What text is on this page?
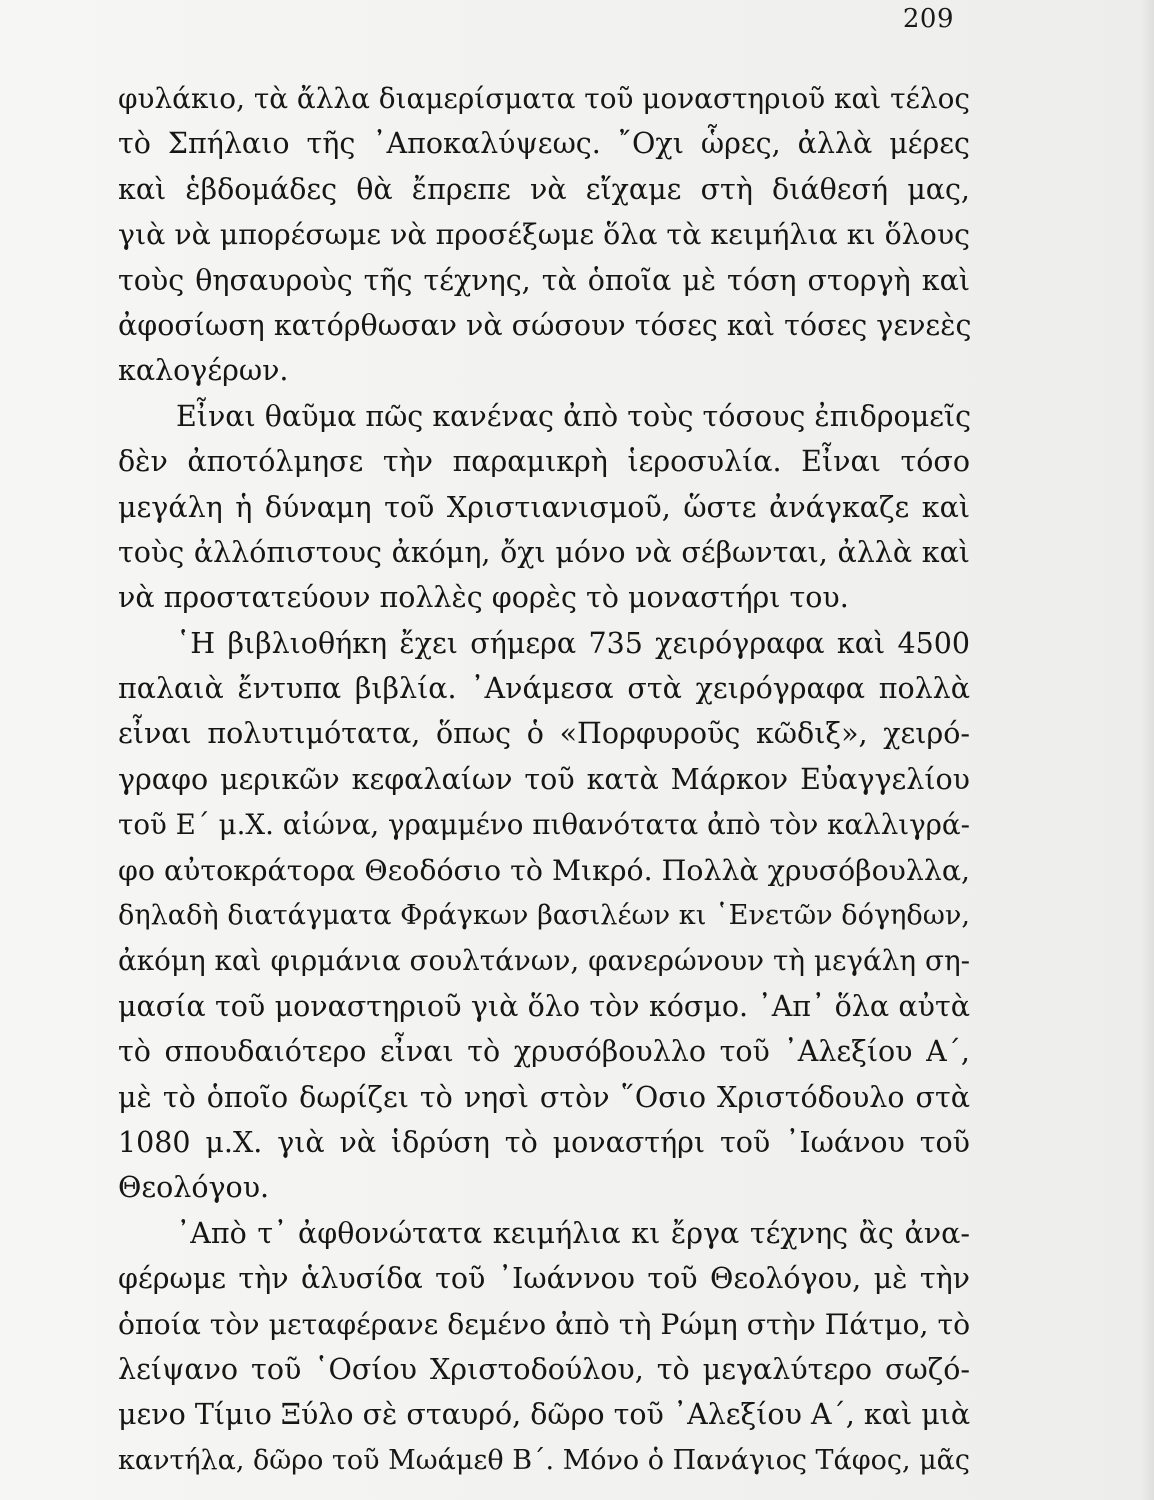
209
φυλάκιο, τὰ ἄλλα διαμερίσματα τοῦ μοναστηριοῦ καὶ τέλος
τὸ Σπήλαιο τῆς ᾿Αποκαλύψεως. ῎Οχι ὧρες, ἀλλὰ μέρες
καὶ ἑβδομάδες θὰ ἔπρεπε νὰ εἴχαμε στὴ διάθεσή μας,
γιὰ νὰ μπορέσωμε νὰ προσέξωμε ὅλα τὰ κειμήλια κι ὅλους
τοὺς θησαυροὺς τῆς τέχνης, τὰ ὁποῖα μὲ τόση στοργὴ καὶ
ἀφοσίωση κατόρθωσαν νὰ σώσουν τόσες καὶ τόσες γενεὲς
καλογέρων.
Εἶναι θαῦμα πῶς κανένας ἀπὸ τοὺς τόσους ἐπιδρομεῖς
δὲν ἀποτόλμησε τὴν παραμικρὴ ἱεροσυλία. Εἶναι τόσο
μεγάλη ἡ δύναμη τοῦ Χριστιανισμοῦ, ὥστε ἀνάγκαζε καὶ
τοὺς ἀλλόπιστους ἀκόμη, ὄχι μόνο νὰ σέβωνται, ἀλλὰ καὶ
νὰ προστατεύουν πολλὲς φορὲς τὸ μοναστήρι του.
῾Η βιβλιοθήκη ἔχει σήμερα 735 χειρόγραφα καὶ 4500
παλαιὰ ἔντυπα βιβλία. ᾿Ανάμεσα στὰ χειρόγραφα πολλὰ
εἶναι πολυτιμότατα, ὅπως ὁ «Πορφυροῦς κῶδιξ», χειρό-
γραφο μερικῶν κεφαλαίων τοῦ κατὰ Μάρκον Εὐαγγελίου
τοῦ Ε΄ μ.Χ. αἰώνα, γραμμένο πιθανότατα ἀπὸ τὸν καλλιγρά-
φο αὐτοκράτορα Θεοδόσιο τὸ Μικρό. Πολλὰ χρυσόβουλλα,
δηλαδὴ διατάγματα Φράγκων βασιλέων κι ῾Ενετῶν δόγηδων,
ἀκόμη καὶ φιρμάνια σουλτάνων, φανερώνουν τὴ μεγάλη ση-
μασία τοῦ μοναστηριοῦ γιὰ ὅλο τὸν κόσμο. ᾿Απ᾿ ὅλα αὐτὰ
τὸ σπουδαιότερο εἶναι τὸ χρυσόβουλλο τοῦ ᾿Αλεξίου Α΄,
μὲ τὸ ὁποῖο δωρίζει τὸ νησὶ στὸν ῞Οσιο Χριστόδουλο στὰ
1080 μ.Χ. γιὰ νὰ ἱδρύση τὸ μοναστήρι τοῦ ᾿Ιωάνου τοῦ
Θεολόγου.
᾿Απὸ τ᾿ ἀφθονώτατα κειμήλια κι ἔργα τέχνης ἂς ἀνα-
φέρωμε τὴν ἁλυσίδα τοῦ ᾿Ιωάννου τοῦ Θεολόγου, μὲ τὴν
ὁποία τὸν μεταφέρανε δεμένο ἀπὸ τὴ Ρώμη στὴν Πάτμο, τὸ
λείψανο τοῦ ῾Οσίου Χριστοδούλου, τὸ μεγαλύτερο σωζό-
μενο Τίμιο Ξύλο σὲ σταυρό, δῶρο τοῦ ᾿Αλεξίου Α΄, καὶ μιὰ
καντήλα, δῶρο τοῦ Μωάμεθ Β΄. Μόνο ὁ Πανάγιος Τάφος, μᾶς
